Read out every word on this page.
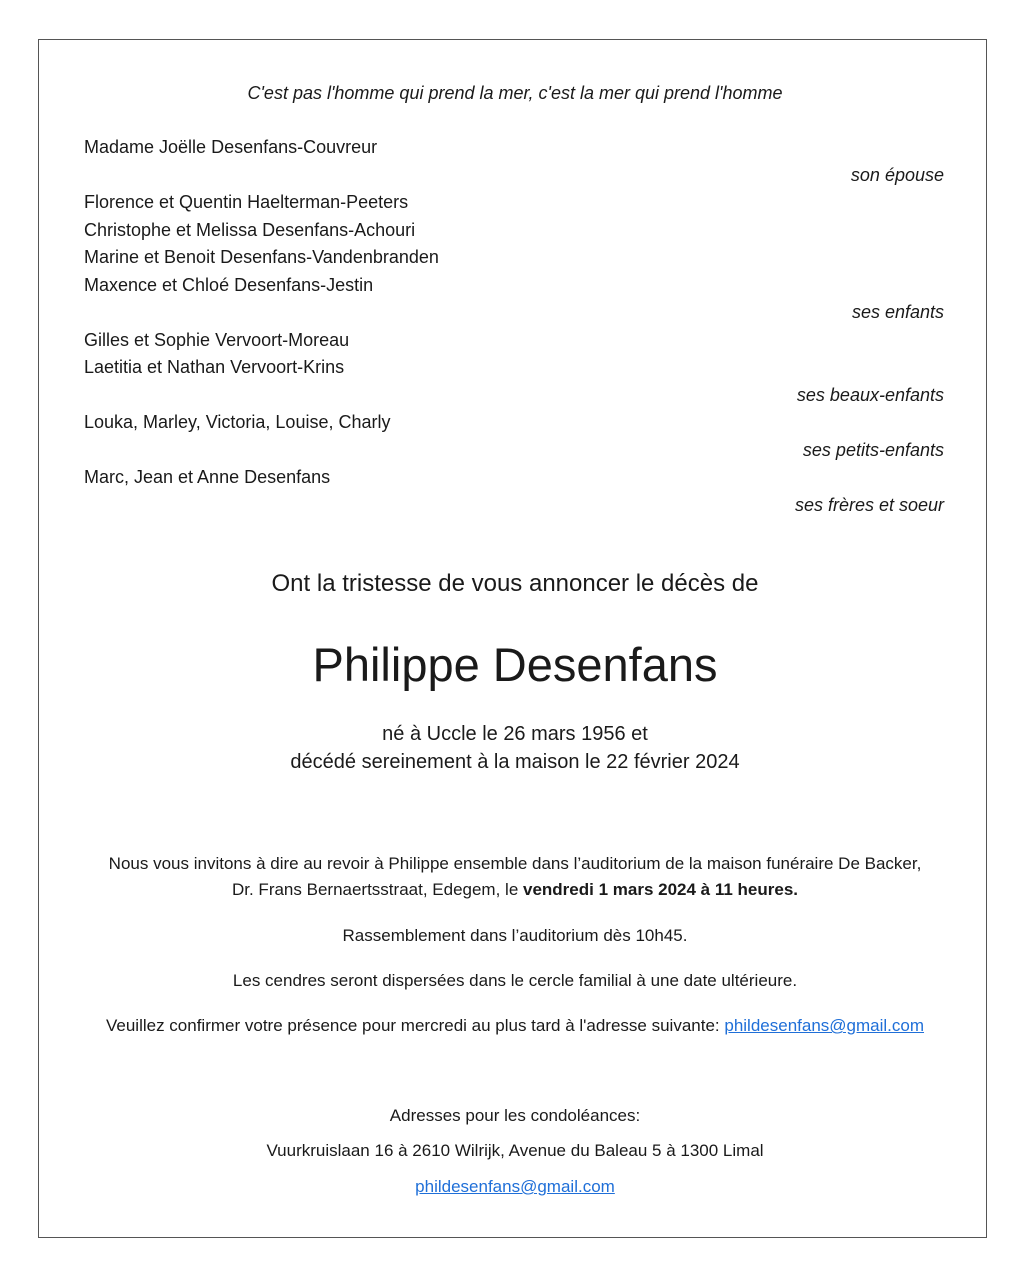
C'est pas l'homme qui prend la mer, c'est la mer qui prend l'homme

Madame Joëlle Desenfans-Couvreur

son épouse

Florence et Quentin Haelterman-Peeters

Christophe et Melissa Desenfans-Achouri

Marine et Benoit Desenfans-Vandenbranden

Maxence et Chloé Desenfans-Jestin

ses enfants

Gilles et Sophie Vervoort-Moreau

Laetitia et Nathan Vervoort-Krins

ses beaux-enfants

Louka, Marley, Victoria, Louise, Charly

ses petits-enfants

Marc, Jean et Anne Desenfans

ses frères et soeur

Ont la tristesse de vous annoncer le décès de

Philippe Desenfans

né à Uccle le 26 mars 1956 et

décédé sereinement à la maison le 22 février 2024

Nous vous invitons à dire au revoir à Philippe ensemble dans l’auditorium de la maison funéraire De Backer,

Dr. Frans Bernaertsstraat, Edegem, le vendredi 1 mars 2024 à 11 heures.

Rassemblement dans l’auditorium dès 10h45.

Les cendres seront dispersées dans le cercle familial à une date ultérieure.

Veuillez confirmer votre présence pour mercredi au plus tard à l'adresse suivante: phildesenfans@gmail.com

Adresses pour les condoléances:

Vuurkruislaan 16 à 2610 Wilrijk, Avenue du Baleau 5 à 1300 Limal

phildesenfans@gmail.com
